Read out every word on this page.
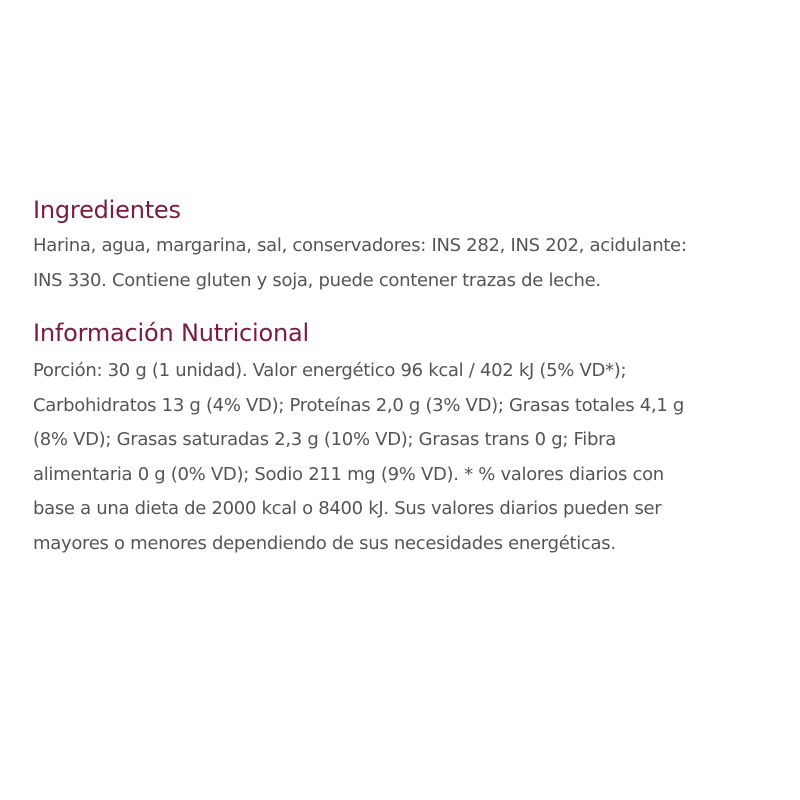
Ingredientes

Harina, agua, margarina, sal, conservadores: INS 282, INS 202, acidulante:
INS 330. Contiene gluten y soja, puede contener trazas de leche.

Información Nutricional

Porción: 30 g (1 unidad). Valor energético 96 kcal / 402 kJ (5% VD*);
Carbohidratos 13 g (4% VD); Proteínas 2,0 g (3% VD); Grasas totales 4,1 g
(8% VD); Grasas saturadas 2,3 g (10% VD); Grasas trans 0 g; Fibra
alimentaria 0 g (0% VD); Sodio 211 mg (9% VD). * % valores diarios con
base a una dieta de 2000 kcal o 8400 kJ. Sus valores diarios pueden ser
mayores o menores dependiendo de sus necesidades energéticas.
